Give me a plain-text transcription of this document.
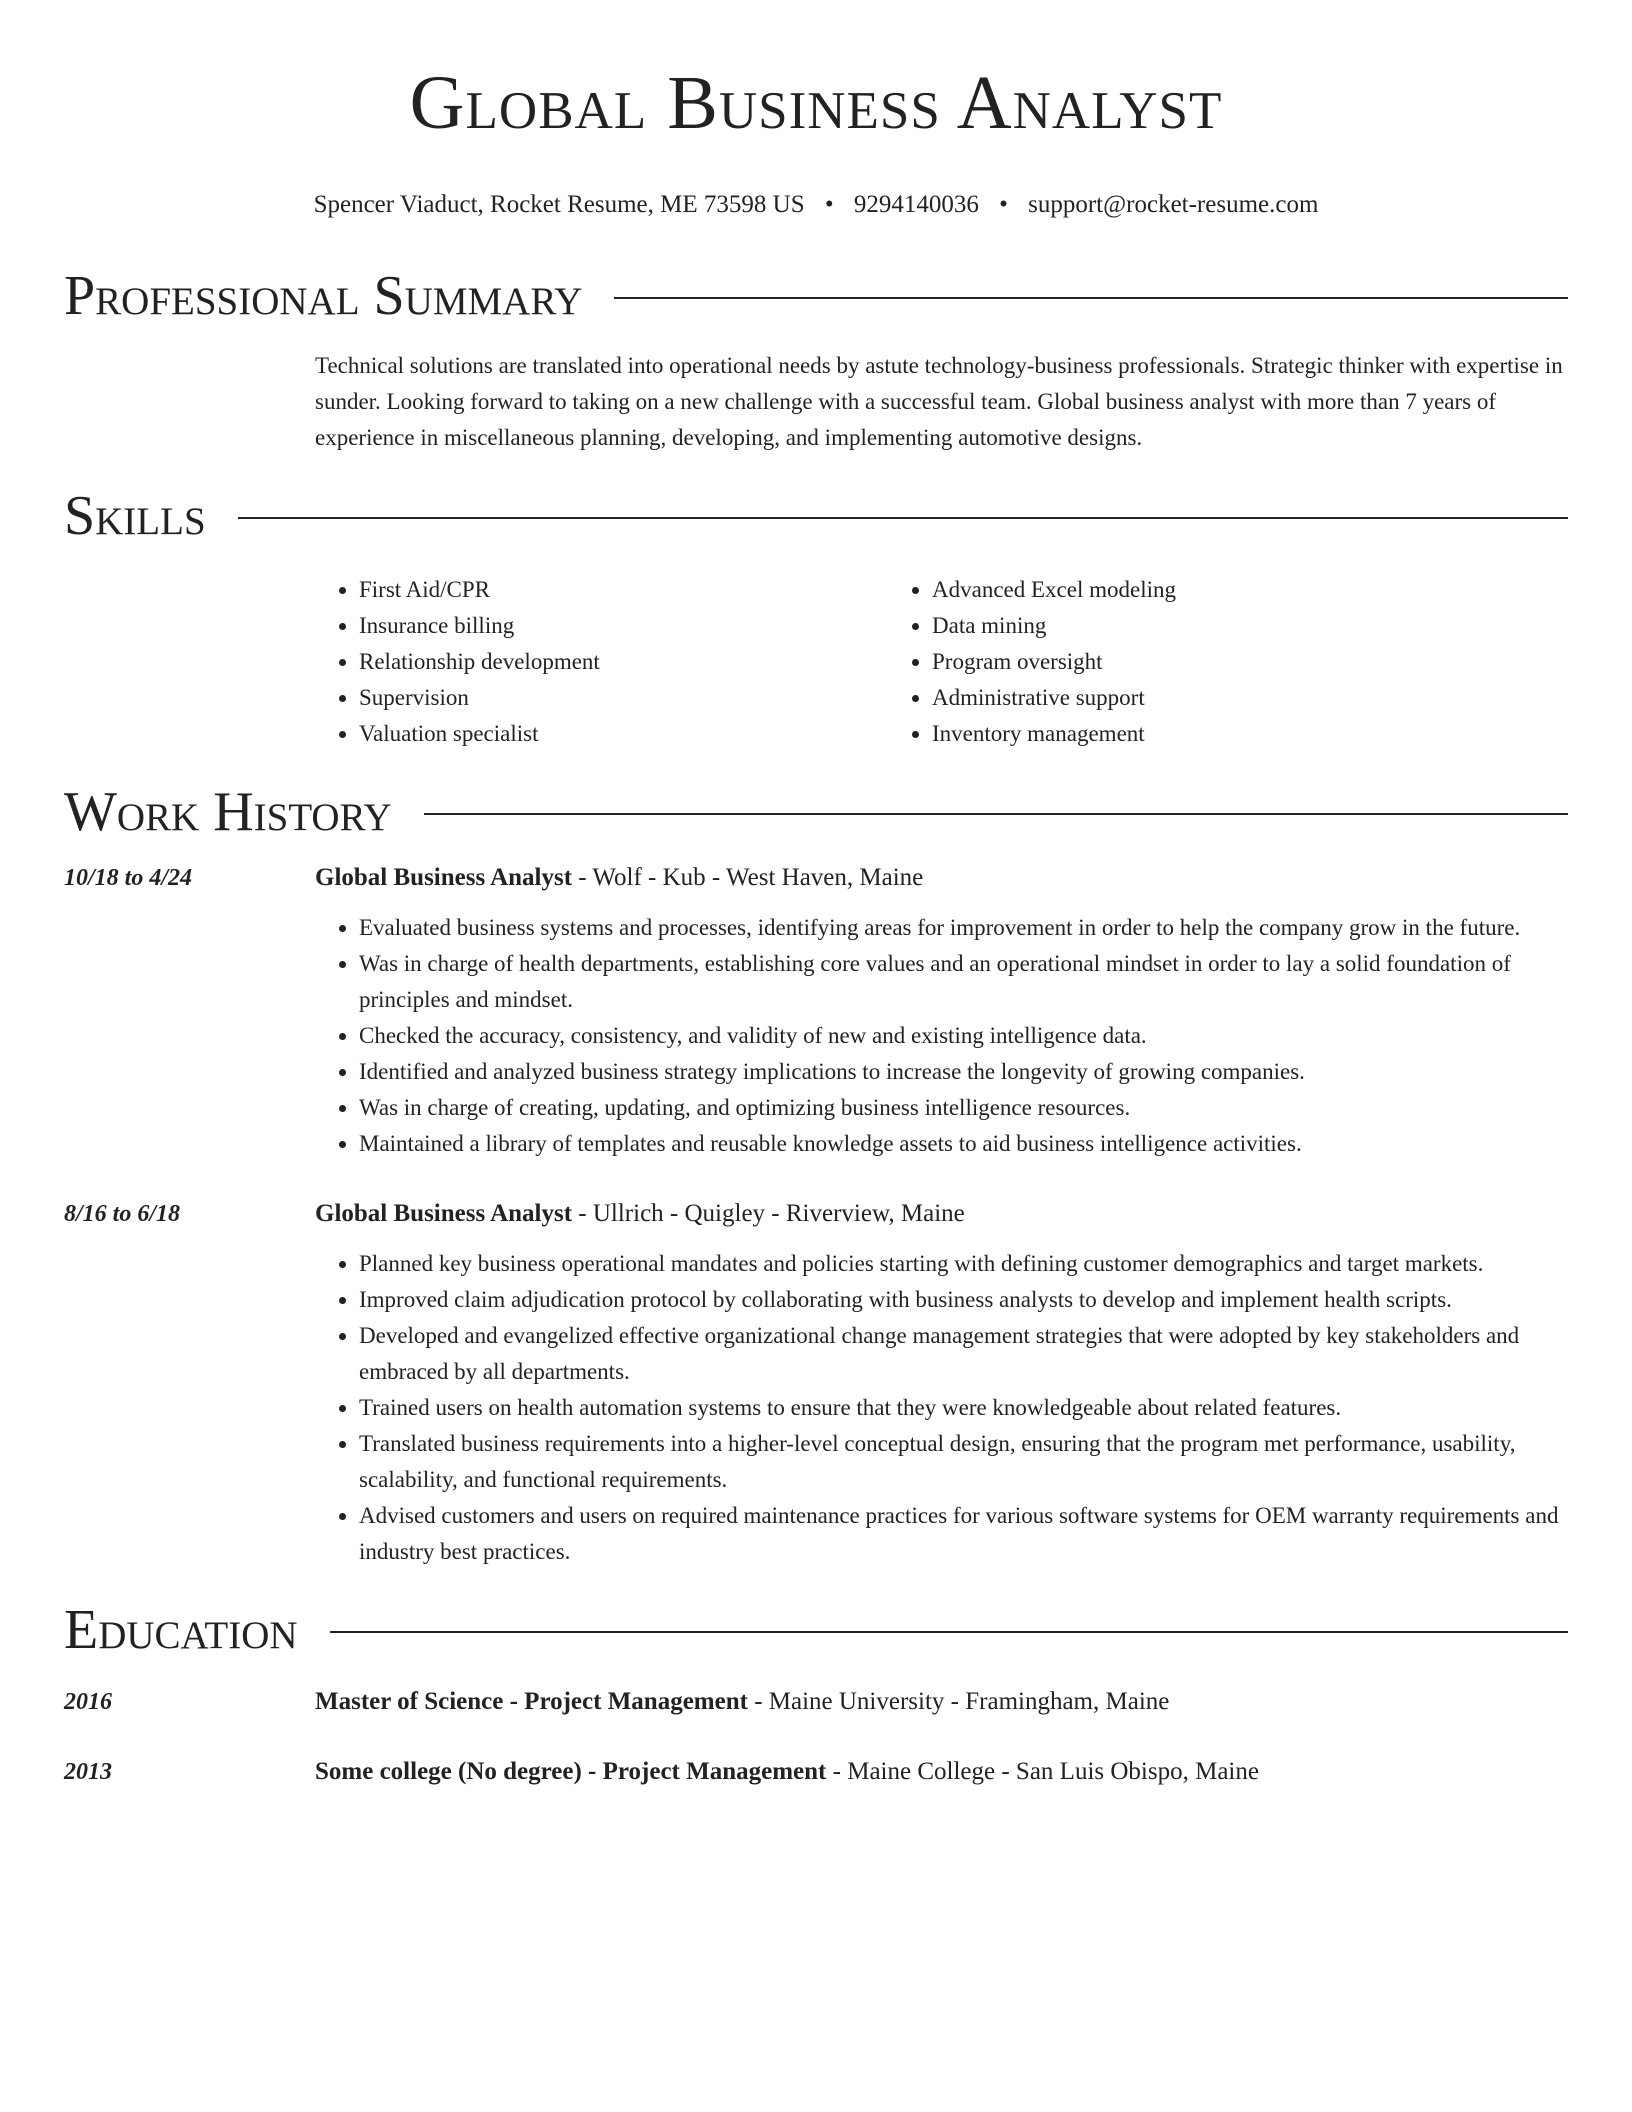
Global Business Analyst
Spencer Viaduct, Rocket Resume, ME 73598 US • 9294140036 • support@rocket-resume.com
Professional Summary
Technical solutions are translated into operational needs by astute technology-business professionals. Strategic thinker with expertise in sunder. Looking forward to taking on a new challenge with a successful team. Global business analyst with more than 7 years of experience in miscellaneous planning, developing, and implementing automotive designs.
Skills
• First Aid/CPR
• Insurance billing
• Relationship development
• Supervision
• Valuation specialist
• Advanced Excel modeling
• Data mining
• Program oversight
• Administrative support
• Inventory management
Work History
10/18 to 4/24	Global Business Analyst - Wolf - Kub - West Haven, Maine
• Evaluated business systems and processes, identifying areas for improvement in order to help the company grow in the future.
• Was in charge of health departments, establishing core values and an operational mindset in order to lay a solid foundation of principles and mindset.
• Checked the accuracy, consistency, and validity of new and existing intelligence data.
• Identified and analyzed business strategy implications to increase the longevity of growing companies.
• Was in charge of creating, updating, and optimizing business intelligence resources.
• Maintained a library of templates and reusable knowledge assets to aid business intelligence activities.
8/16 to 6/18	Global Business Analyst - Ullrich - Quigley - Riverview, Maine
• Planned key business operational mandates and policies starting with defining customer demographics and target markets.
• Improved claim adjudication protocol by collaborating with business analysts to develop and implement health scripts.
• Developed and evangelized effective organizational change management strategies that were adopted by key stakeholders and embraced by all departments.
• Trained users on health automation systems to ensure that they were knowledgeable about related features.
• Translated business requirements into a higher-level conceptual design, ensuring that the program met performance, usability, scalability, and functional requirements.
• Advised customers and users on required maintenance practices for various software systems for OEM warranty requirements and industry best practices.
Education
2016	Master of Science - Project Management - Maine University - Framingham, Maine
2013	Some college (No degree) - Project Management - Maine College - San Luis Obispo, Maine
